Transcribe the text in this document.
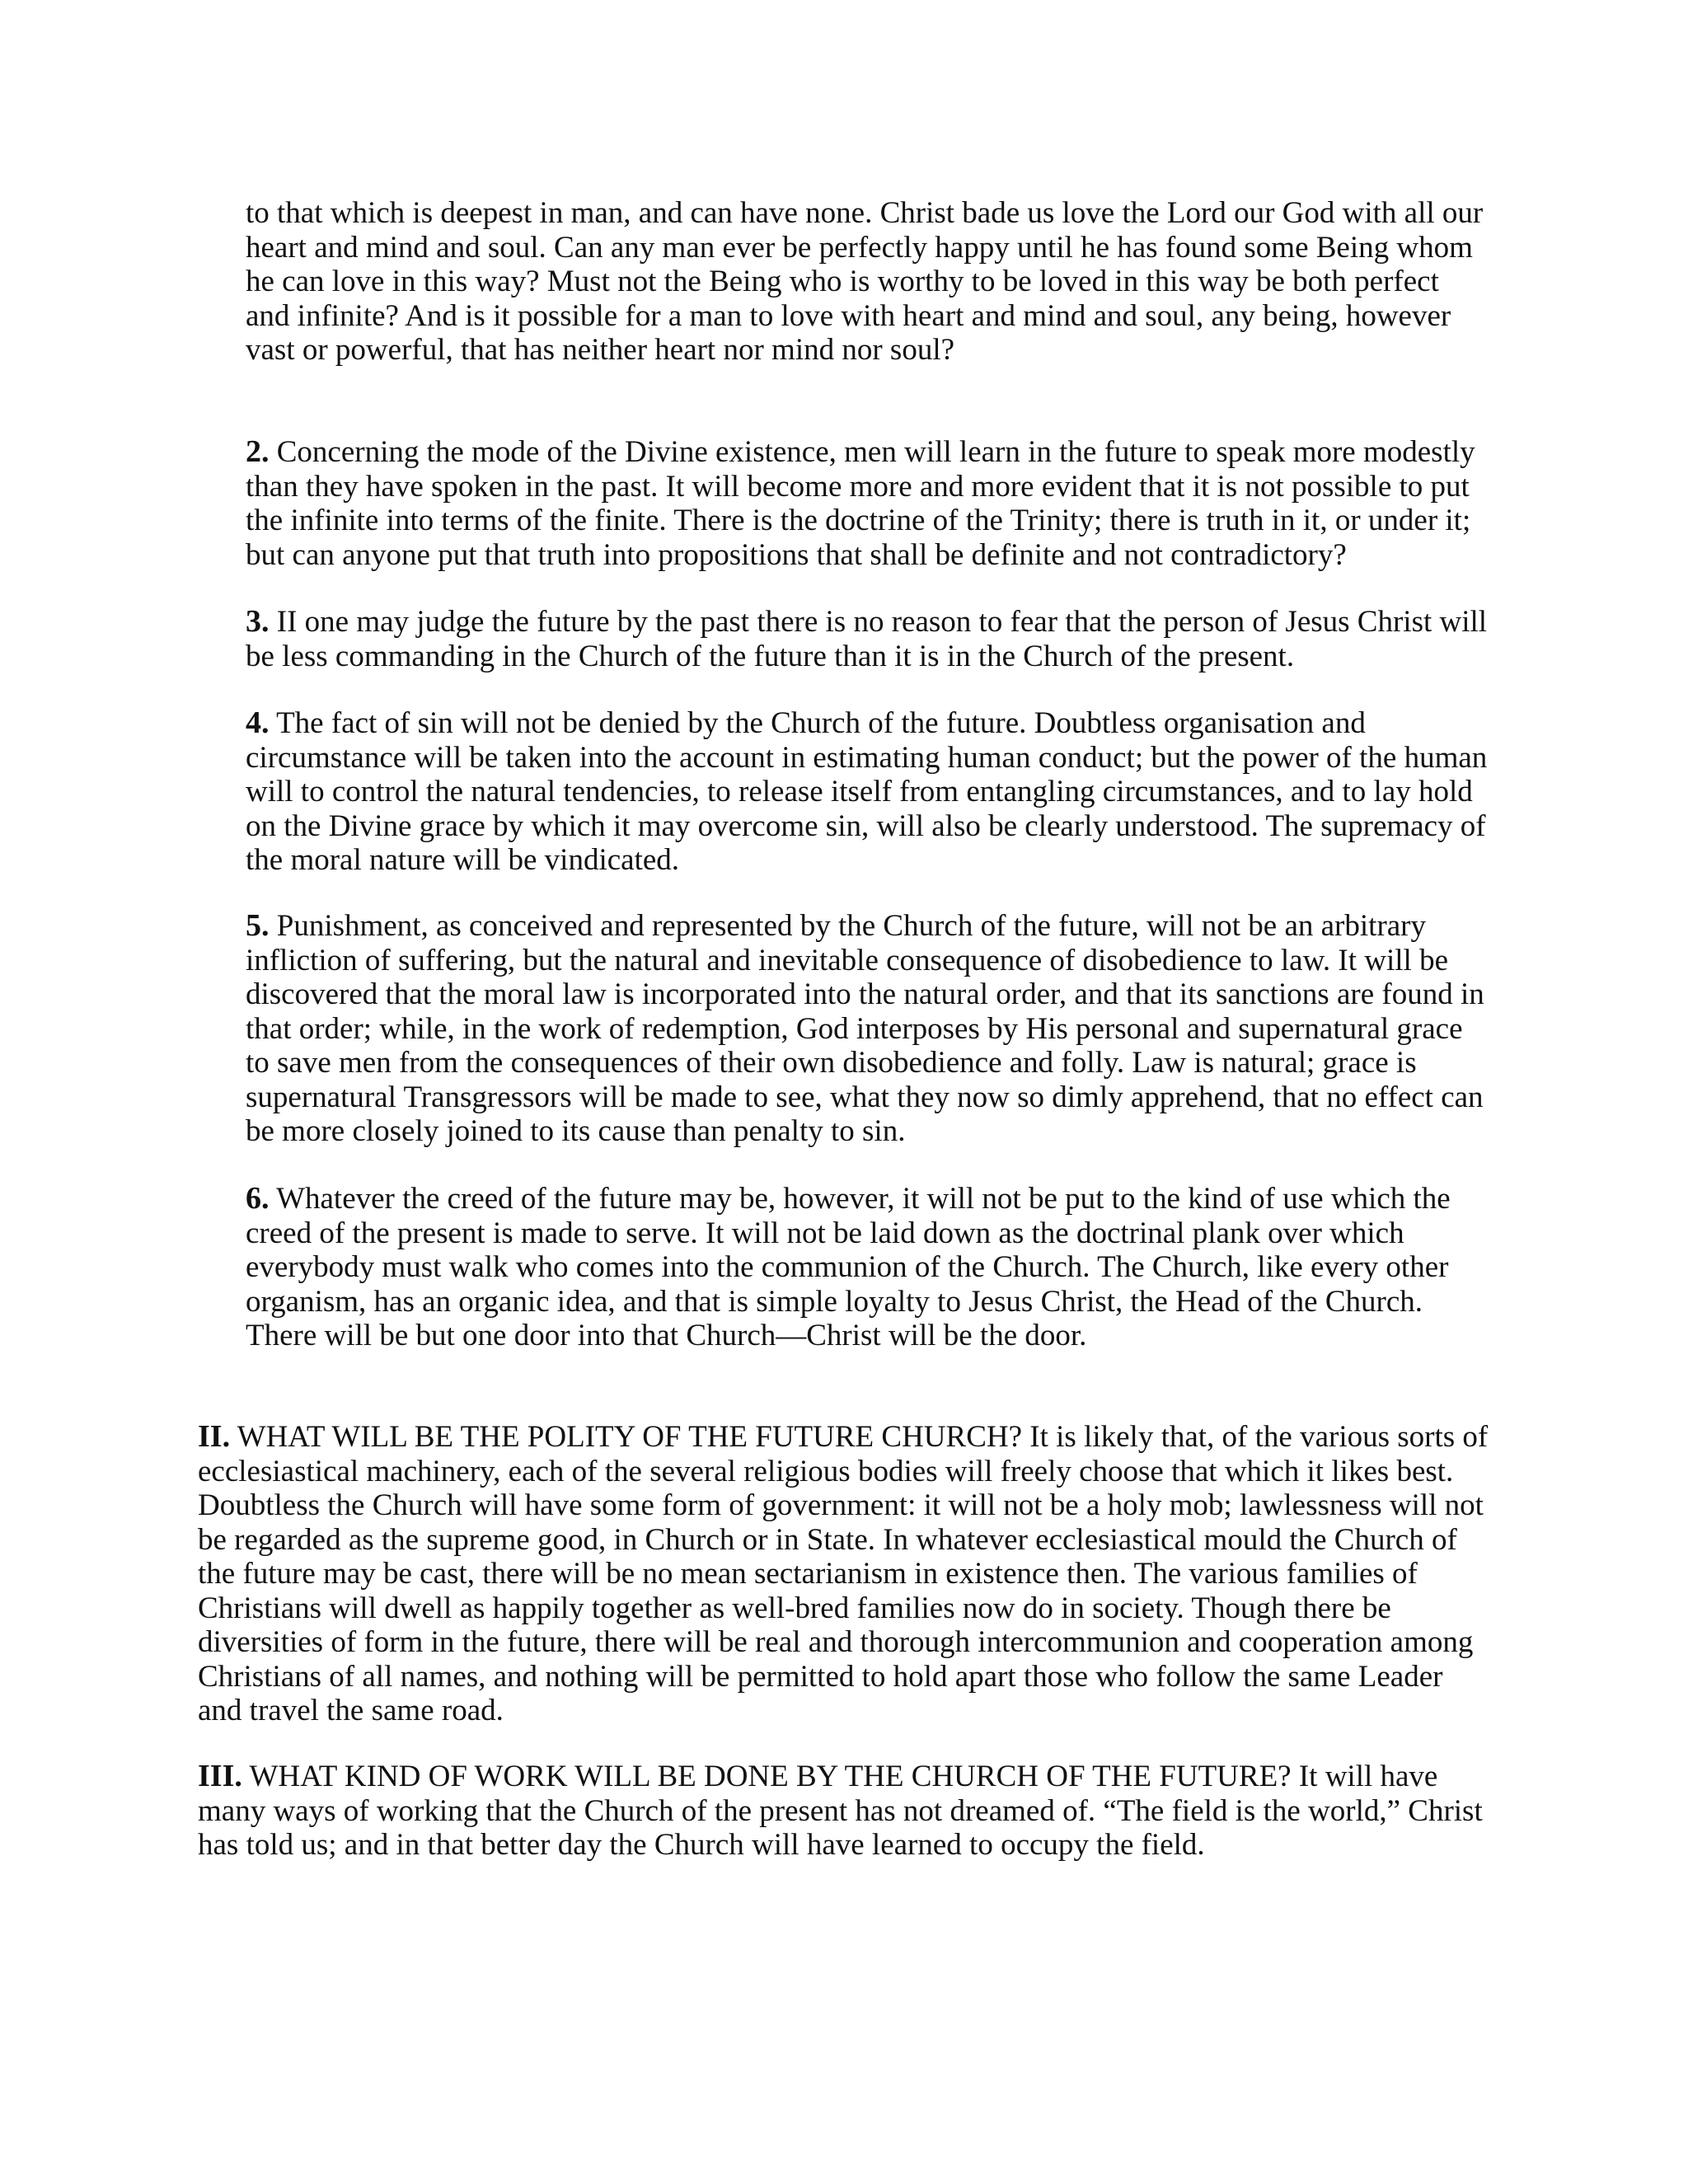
to that which is deepest in man, and can have none. Christ bade us love the Lord our God with all our heart and mind and soul. Can any man ever be perfectly happy until he has found some Being whom he can love in this way? Must not the Being who is worthy to be loved in this way be both perfect and infinite? And is it possible for a man to love with heart and mind and soul, any being, however vast or powerful, that has neither heart nor mind nor soul?

2. Concerning the mode of the Divine existence, men will learn in the future to speak more modestly than they have spoken in the past. It will become more and more evident that it is not possible to put the infinite into terms of the finite. There is the doctrine of the Trinity; there is truth in it, or under it; but can anyone put that truth into propositions that shall be definite and not contradictory?

3. II one may judge the future by the past there is no reason to fear that the person of Jesus Christ will be less commanding in the Church of the future than it is in the Church of the present.

4. The fact of sin will not be denied by the Church of the future. Doubtless organisation and circumstance will be taken into the account in estimating human conduct; but the power of the human will to control the natural tendencies, to release itself from entangling circumstances, and to lay hold on the Divine grace by which it may overcome sin, will also be clearly understood. The supremacy of the moral nature will be vindicated.

5. Punishment, as conceived and represented by the Church of the future, will not be an arbitrary infliction of suffering, but the natural and inevitable consequence of disobedience to law. It will be discovered that the moral law is incorporated into the natural order, and that its sanctions are found in that order; while, in the work of redemption, God interposes by His personal and supernatural grace to save men from the consequences of their own disobedience and folly. Law is natural; grace is supernatural Transgressors will be made to see, what they now so dimly apprehend, that no effect can be more closely joined to its cause than penalty to sin.

6. Whatever the creed of the future may be, however, it will not be put to the kind of use which the creed of the present is made to serve. It will not be laid down as the doctrinal plank over which everybody must walk who comes into the communion of the Church. The Church, like every other organism, has an organic idea, and that is simple loyalty to Jesus Christ, the Head of the Church. There will be but one door into that Church—Christ will be the door.

II. WHAT WILL BE THE POLITY OF THE FUTURE CHURCH? It is likely that, of the various sorts of ecclesiastical machinery, each of the several religious bodies will freely choose that which it likes best. Doubtless the Church will have some form of government: it will not be a holy mob; lawlessness will not be regarded as the supreme good, in Church or in State. In whatever ecclesiastical mould the Church of the future may be cast, there will be no mean sectarianism in existence then. The various families of Christians will dwell as happily together as well-bred families now do in society. Though there be diversities of form in the future, there will be real and thorough intercommunion and cooperation among Christians of all names, and nothing will be permitted to hold apart those who follow the same Leader and travel the same road.

III. WHAT KIND OF WORK WILL BE DONE BY THE CHURCH OF THE FUTURE? It will have many ways of working that the Church of the present has not dreamed of. “The field is the world,” Christ has told us; and in that better day the Church will have learned to occupy the field.
